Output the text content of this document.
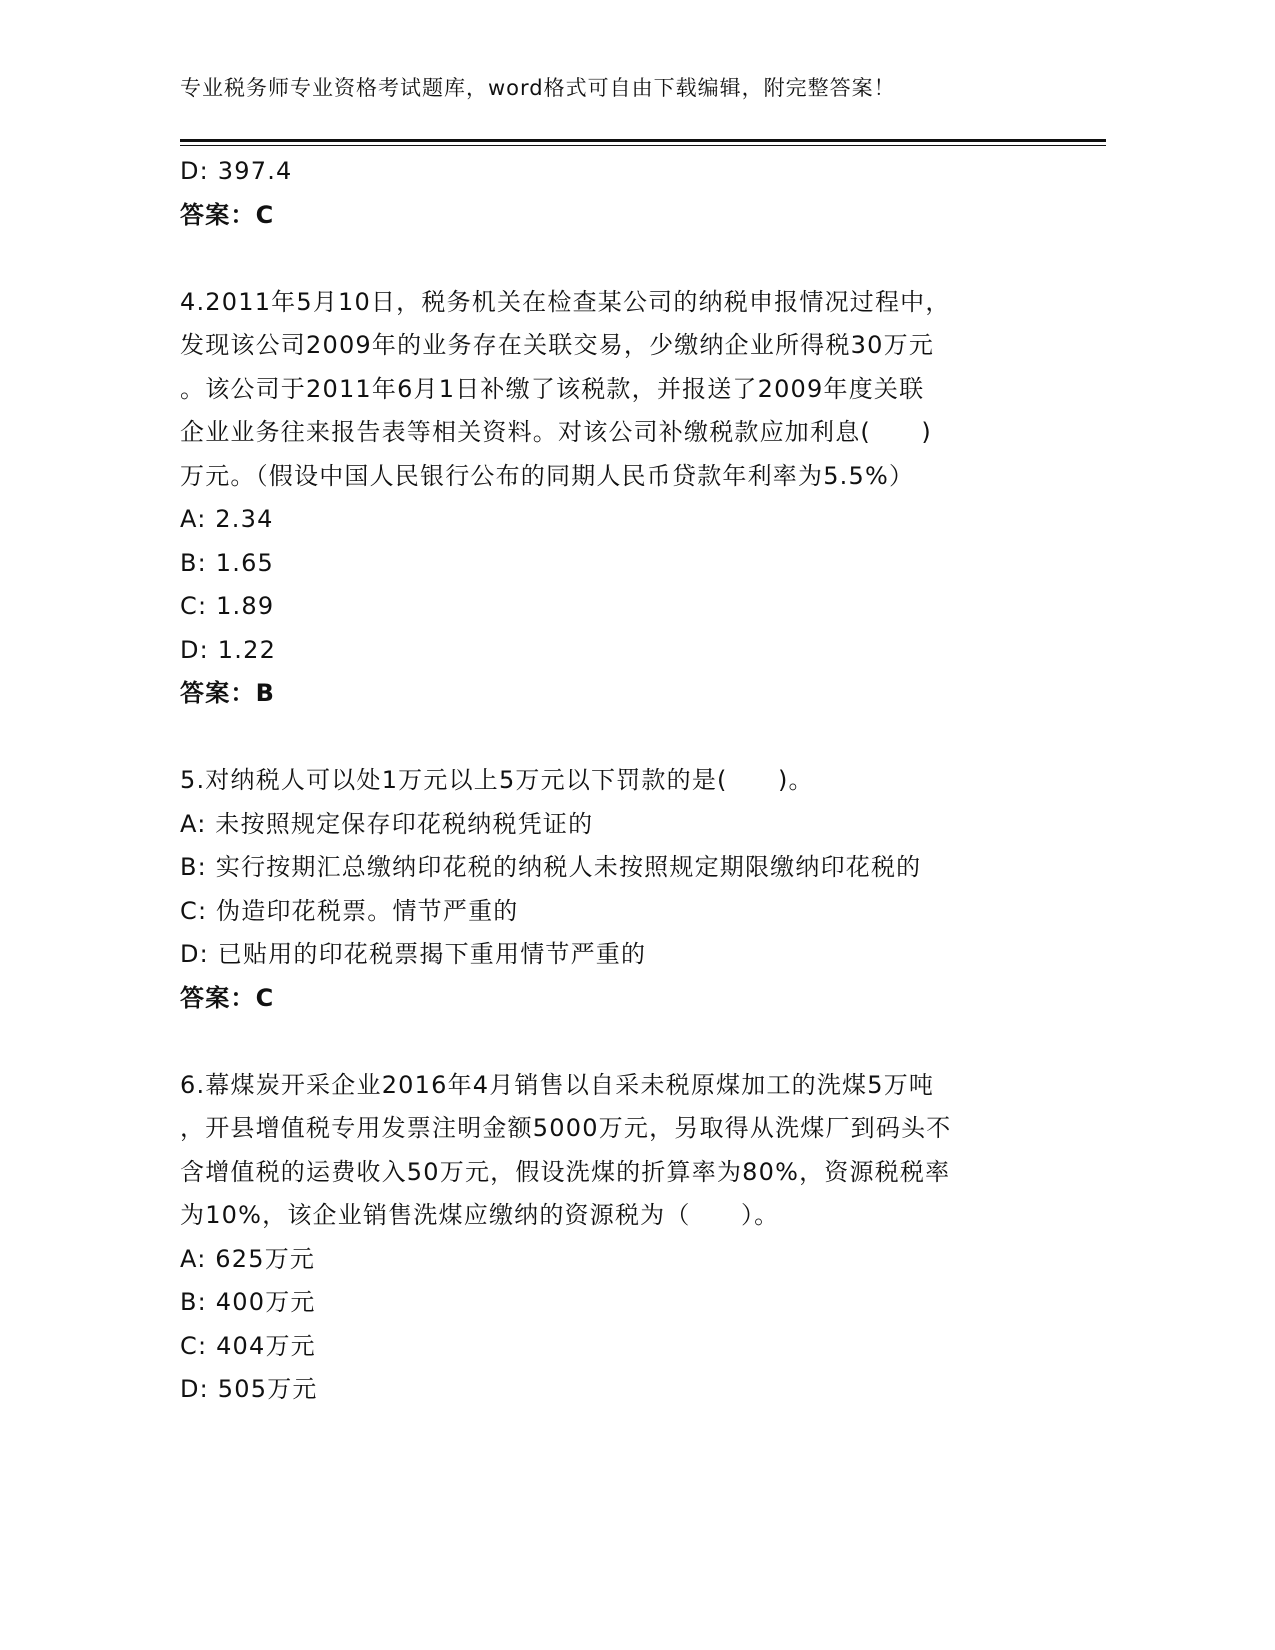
专业税务师专业资格考试题库，word格式可自由下载编辑，附完整答案！
D: 397.4
答案：C
4.2011年5月10日，税务机关在检查某公司的纳税申报情况过程中，
发现该公司2009年的业务存在关联交易，少缴纳企业所得税30万元
。该公司于2011年6月1日补缴了该税款，并报送了2009年度关联
企业业务往来报告表等相关资料。对该公司补缴税款应加利息(　　)
万元。（假设中国人民银行公布的同期人民币贷款年利率为5.5%）
A: 2.34
B: 1.65
C: 1.89
D: 1.22
答案：B
5.对纳税人可以处1万元以上5万元以下罚款的是(　　)。
A: 未按照规定保存印花税纳税凭证的
B: 实行按期汇总缴纳印花税的纳税人未按照规定期限缴纳印花税的
C: 伪造印花税票。情节严重的
D: 已贴用的印花税票揭下重用情节严重的
答案：C
6.幕煤炭开采企业2016年4月销售以自采未税原煤加工的洗煤5万吨
，开县增值税专用发票注明金额5000万元，另取得从洗煤厂到码头不
含增值税的运费收入50万元，假设洗煤的折算率为80%，资源税税率
为10%，该企业销售洗煤应缴纳的资源税为（　　）。
A: 625万元
B: 400万元
C: 404万元
D: 505万元
